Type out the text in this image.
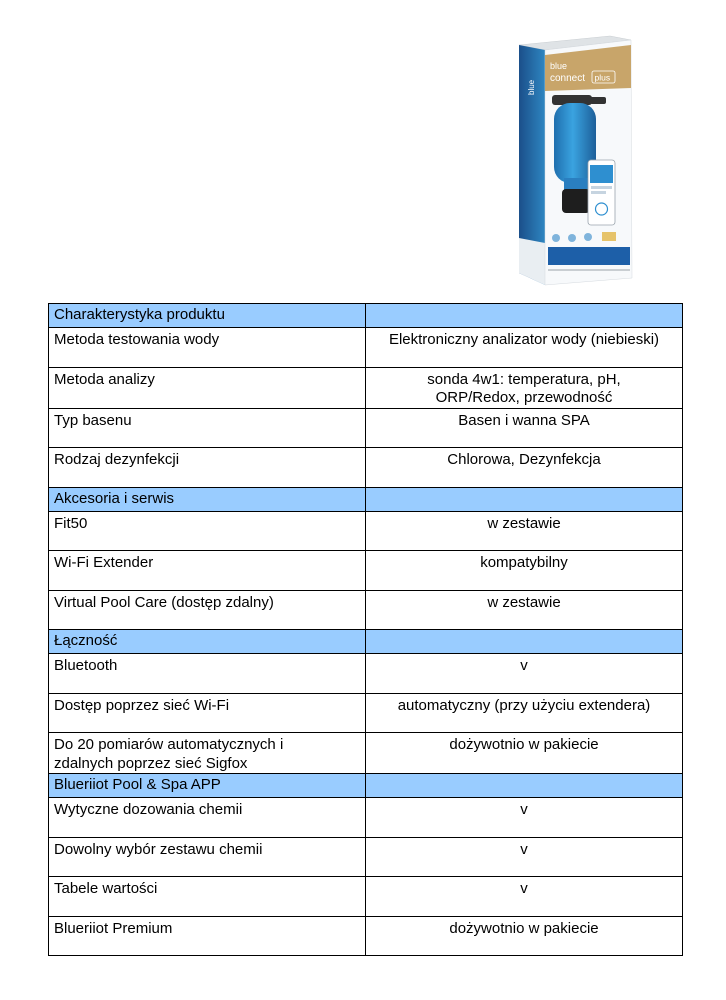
blue
blue
connect plus
Charakterystyka produktu	
Metoda testowania wody	Elektroniczny analizator wody (niebieski)
Metoda analizy	sonda 4w1: temperatura, pH,
ORP/Redox, przewodność
Typ basenu	Basen i wanna SPA
Rodzaj dezynfekcji	Chlorowa, Dezynfekcja
Akcesoria i serwis	
Fit50	w zestawie
Wi-Fi Extender	kompatybilny
Virtual Pool Care (dostęp zdalny)	w zestawie
Łączność	
Bluetooth	v
Dostęp poprzez sieć Wi-Fi	automatyczny (przy użyciu extendera)
Do 20 pomiarów automatycznych i
zdalnych poprzez sieć Sigfox	dożywotnio w pakiecie
Blueriiot Pool & Spa APP	
Wytyczne dozowania chemii	v
Dowolny wybór zestawu chemii	v
Tabele wartości	v
Blueriiot Premium	dożywotnio w pakiecie
